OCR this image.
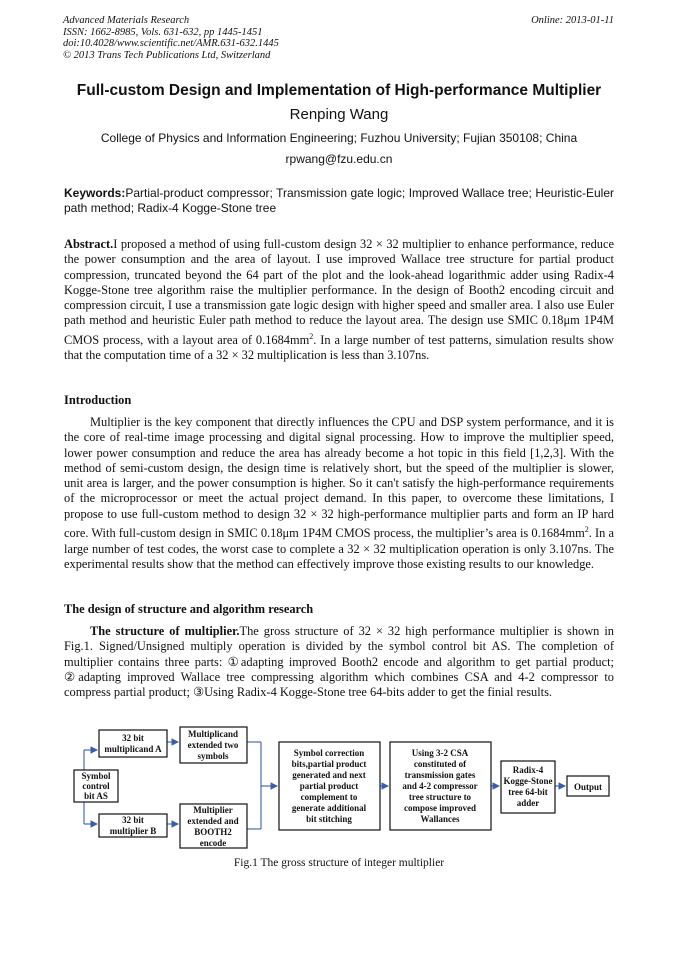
Advanced Materials Research
ISSN: 1662-8985, Vols. 631-632, pp 1445-1451
doi:10.4028/www.scientific.net/AMR.631-632.1445
© 2013 Trans Tech Publications Ltd, Switzerland
Online: 2013-01-11
Full-custom Design and Implementation of High-performance Multiplier
Renping Wang
College of Physics and Information Engineering; Fuzhou University; Fujian 350108; China
rpwang@fzu.edu.cn
Keywords:Partial-product compressor; Transmission gate logic; Improved Wallace tree; Heuristic-Euler path method; Radix-4 Kogge-Stone tree
Abstract.I proposed a method of using full-custom design 32 × 32 multiplier to enhance performance, reduce the power consumption and the area of layout. I use improved Wallace tree structure for partial product compression, truncated beyond the 64 part of the plot and the look-ahead logarithmic adder using Radix-4 Kogge-Stone tree algorithm raise the multiplier performance. In the design of Booth2 encoding circuit and compression circuit, I use a transmission gate logic design with higher speed and smaller area. I also use Euler path method and heuristic Euler path method to reduce the layout area. The design use SMIC 0.18μm 1P4M CMOS process, with a layout area of $0.1684mm^2$. In a large number of test patterns, simulation results show that the computation time of a 32 × 32 multiplication is less than 3.107ns.
Introduction
Multiplier is the key component that directly influences the CPU and DSP system performance, and it is the core of real-time image processing and digital signal processing. How to improve the multiplier speed, lower power consumption and reduce the area has already become a hot topic in this field [1,2,3]. With the method of semi-custom design, the design time is relatively short, but the speed of the multiplier is slower, unit area is larger, and the power consumption is higher. So it can't satisfy the high-performance requirements of the microprocessor or meet the actual project demand. In this paper, to overcome these limitations, I propose to use full-custom method to design 32 × 32 high-performance multiplier parts and form an IP hard core. With full-custom design in SMIC 0.18μm 1P4M CMOS process, the multiplier’s area is $0.1684mm^2$. In a large number of test codes, the worst case to complete a 32 × 32 multiplication operation is only 3.107ns. The experimental results show that the method can effectively improve those existing results to our knowledge.
The design of structure and algorithm research
The structure of multiplier.The gross structure of 32 × 32 high performance multiplier is shown in Fig.1. Signed/Unsigned multiply operation is divided by the symbol control bit AS. The completion of multiplier contains three parts: ①adapting improved Booth2 encode and algorithm to get partial product; ②adapting improved Wallace tree compressing algorithm which combines CSA and 4-2 compressor to compress partial product; ③Using Radix-4 Kogge-Stone tree 64-bits adder to get the finial results.
32 bit
multiplicand A
Symbol
control
bit AS
32 bit
multiplier B
Multiplicand
extended two
symbols
Multiplier
extended and
BOOTH2
encode
Symbol correction
bits,partial product
generated and next
partial product
complement to
generate additional
bit stitching
Using 3-2 CSA
constituted of
transmission gates
and 4-2 compressor
tree structure to
compose improved
Wallances
Radix-4
Kogge-Stone
tree 64-bit
adder
Output
Fig.1 The gross structure of integer multiplier
